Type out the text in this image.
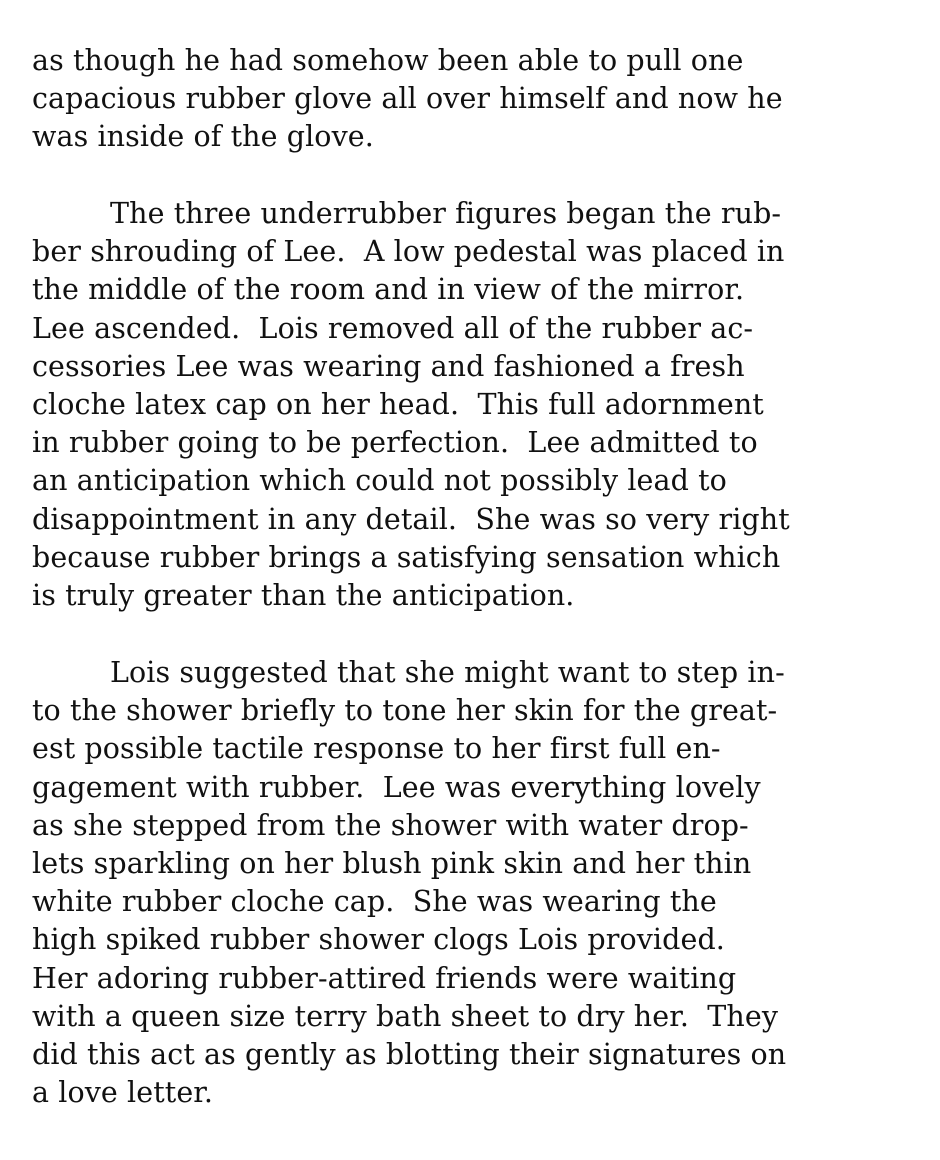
as though he had somehow been able to pull one
capacious rubber glove all over himself and now he
was inside of the glove.
The three underrubber figures began the rub-
ber shrouding of Lee.  A low pedestal was placed in
the middle of the room and in view of the mirror.
Lee ascended.  Lois removed all of the rubber ac-
cessories Lee was wearing and fashioned a fresh
cloche latex cap on her head.  This full adornment
in rubber going to be perfection.  Lee admitted to
an anticipation which could not possibly lead to
disappointment in any detail.  She was so very right
because rubber brings a satisfying sensation which
is truly greater than the anticipation.
Lois suggested that she might want to step in-
to the shower briefly to tone her skin for the great-
est possible tactile response to her first full en-
gagement with rubber.  Lee was everything lovely
as she stepped from the shower with water drop-
lets sparkling on her blush pink skin and her thin
white rubber cloche cap.  She was wearing the
high spiked rubber shower clogs Lois provided.
Her adoring rubber-attired friends were waiting
with a queen size terry bath sheet to dry her.  They
did this act as gently as blotting their signatures on
a love letter.
